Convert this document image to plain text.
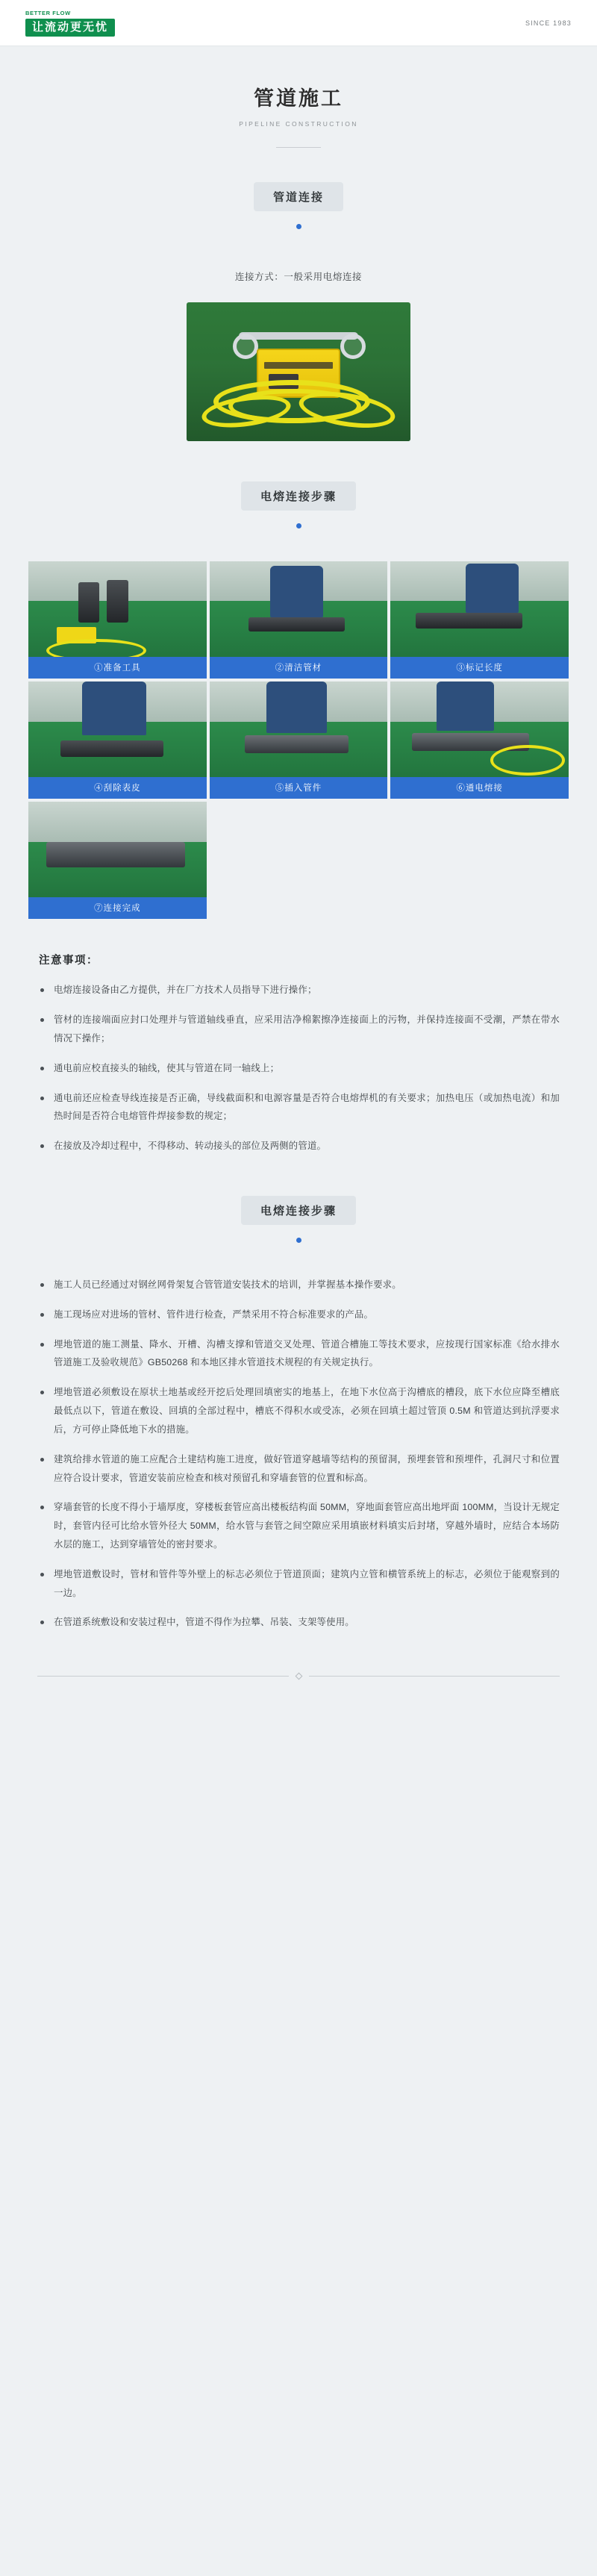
BETTER FLOW
让流动更无忧	SINCE 1983
管道施工
PIPELINE CONSTRUCTION
管道连接
连接方式：一般采用电熔连接
电熔连接步骤
①准备工具	②清洁管材	③标记长度
④刮除表皮	⑤插入管件	⑥通电熔接
⑦连接完成
注意事项：
电熔连接设备由乙方提供，并在厂方技术人员指导下进行操作；
管材的连接端面应封口处理并与管道轴线垂直，应采用洁净棉絮擦净连接面上的污物，并保持连接面不受潮，严禁在带水情况下操作；
通电前应校直接头的轴线，使其与管道在同一轴线上；
通电前还应检查导线连接是否正确，导线截面积和电源容量是否符合电熔焊机的有关要求；加热电压（或加热电流）和加热时间是否符合电熔管件焊接参数的规定；
在接放及冷却过程中，不得移动、转动接头的部位及两侧的管道。
电熔连接步骤
施工人员已经通过对钢丝网骨架复合管管道安装技术的培训，并掌握基本操作要求。
施工现场应对进场的管材、管件进行检查，严禁采用不符合标准要求的产品。
埋地管道的施工测量、降水、开槽、沟槽支撑和管道交叉处理、管道合槽施工等技术要求，应按现行国家标准《给水排水管道施工及验收规范》GB50268 和本地区排水管道技术规程的有关规定执行。
埋地管道必须敷设在原状土地基或经开挖后处理回填密实的地基上，在地下水位高于沟槽底的槽段，底下水位应降至槽底最低点以下，管道在敷设、回填的全部过程中，槽底不得积水或受冻，必须在回填土超过管顶 0.5M 和管道达到抗浮要求后，方可停止降低地下水的措施。
建筑给排水管道的施工应配合土建结构施工进度，做好管道穿越墙等结构的预留洞，预埋套管和预埋件，孔洞尺寸和位置应符合设计要求，管道安装前应检查和核对预留孔和穿墙套管的位置和标高。
穿墙套管的长度不得小于墙厚度，穿楼板套管应高出楼板结构面 50MM，穿地面套管应高出地坪面 100MM，当设计无规定时，套管内径可比给水管外径大 50MM，给水管与套管之间空隙应采用填嵌材料填实后封堵，穿越外墙时，应结合本场防水层的施工，达到穿墙管处的密封要求。
埋地管道敷设时，管材和管件等外壁上的标志必须位于管道顶面；建筑内立管和横管系统上的标志，必须位于能观察到的一边。
在管道系统敷设和安装过程中，管道不得作为拉攀、吊装、支架等使用。
